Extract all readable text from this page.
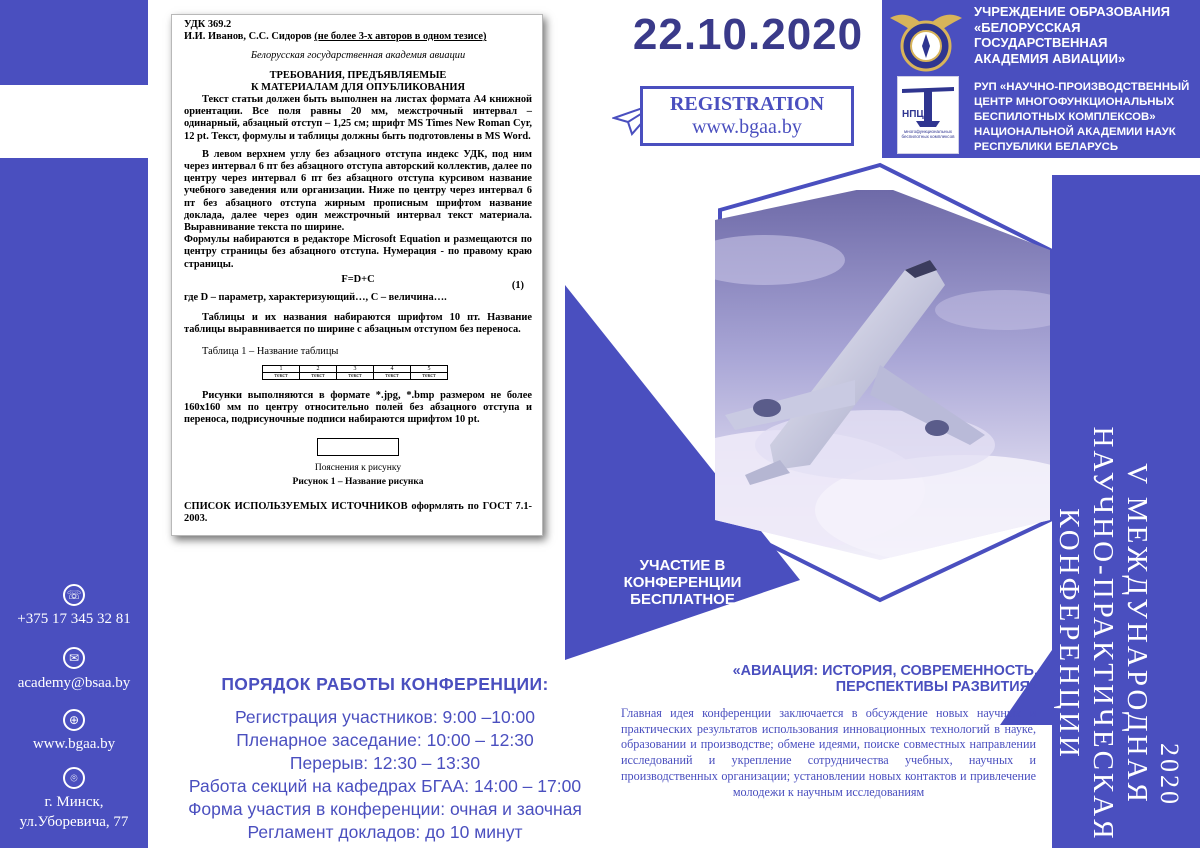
22.10.2020
REGISTRATION
www.bgaa.by
УЧРЕЖДЕНИЕ ОБРАЗОВАНИЯ
«БЕЛОРУССКАЯ
ГОСУДАРСТВЕННАЯ
АКАДЕМИЯ АВИАЦИИ»
НПЦ
многофункциональных беспилотных комплексов
РУП «НАУЧНО-ПРОИЗВОДСТВЕННЫЙ
ЦЕНТР МНОГОФУНКЦИОНАЛЬНЫХ
БЕСПИЛОТНЫХ КОМПЛЕКСОВ»
НАЦИОНАЛЬНОЙ АКАДЕМИИ НАУК
РЕСПУБЛИКИ БЕЛАРУСЬ
☏
+375 17 345 32 81
✉
academy@bsaa.by
⊕
www.bgaa.by
⌾
г. Минск,
ул.Уборевича, 77

УДК 369.2

И.И. Иванов, С.С. Сидоров (не более 3-х авторов в одном тезисе)

Белорусская государственная академия авиации

ТРЕБОВАНИЯ, ПРЕДЪЯВЛЯЕМЫЕ

К МАТЕРИАЛАМ ДЛЯ ОПУБЛИКОВАНИЯ

Текст статьи должен быть выполнен на листах формата А4 книжной ориентации. Все поля равны 20 мм, межстрочный интервал – одинарный, абзацный отступ – 1,25 см; шрифт MS Times New Roman Cyr, 12 pt. Текст, формулы и таблицы должны быть подготовлены в MS Word.

В левом верхнем углу без абзацного отступа индекс УДК, под ним через интервал 6 пт без абзацного отступа авторский коллектив, далее по центру через интервал 6 пт без абзацного отступа курсивом название учебного заведения или организации. Ниже по центру через интервал 6 пт без абзацного отступа жирным прописным шрифтом название доклада, далее через один межстрочный интервал текст материала. Выравнивание текста по ширине.

Формулы набираются в редакторе Microsoft Equation и размещаются по центру страницы без абзацного отступа. Нумерация - по правому краю страницы.

F=D+C

(1)

где D – параметр, характеризующий…, C – величина….

Таблицы и их названия набираются шрифтом 10 пт. Название таблицы выравнивается по ширине с абзацным отступом без переноса.

Таблица 1 – Название таблицы

1	2	3	4	5
текст	текст	текст	текст	текст

Рисунки выполняются в формате *.jpg, *.bmp размером не более 160x160 мм по центру относительно полей без абзацного отступа и переноса, подрисуночные подписи набираются шрифтом 10 pt.

Пояснения к рисунку

Рисунок 1 – Название рисунка

СПИСОК ИСПОЛЬЗУЕМЫХ ИСТОЧНИКОВ оформлять по ГОСТ 7.1-2003.

УЧАСТИЕ В
КОНФЕРЕНЦИИ
БЕСПЛАТНОЕ
ПОРЯДОК РАБОТЫ КОНФЕРЕНЦИИ:
Регистрация участников: 9:00 –10:00
Пленарное заседание: 10:00 – 12:30
Перерыв: 12:30 – 13:30
Работа секций на кафедрах БГАА: 14:00 – 17:00
Форма участия в конференции: очная и заочная
Регламент докладов: до 10 минут
«АВИАЦИЯ: ИСТОРИЯ, СОВРЕМЕННОСТЬ,
ПЕРСПЕКТИВЫ РАЗВИТИЯ»
Главная идея конференции заключается в обсуждение новых научных и практических результатов использования инновационных технологий в науке, образовании и производстве; обмене идеями, поиске совместных направлении исследований и укрепление сотрудничества учебных, научных и производственных организации; установлении новых контактов и привлечение молодежи к научным исследованиям	V МЕЖДУНАРОДНАЯ
НАУЧНО-ПРАКТИЧЕСКАЯ
КОНФЕРЕНЦИИ
2020
